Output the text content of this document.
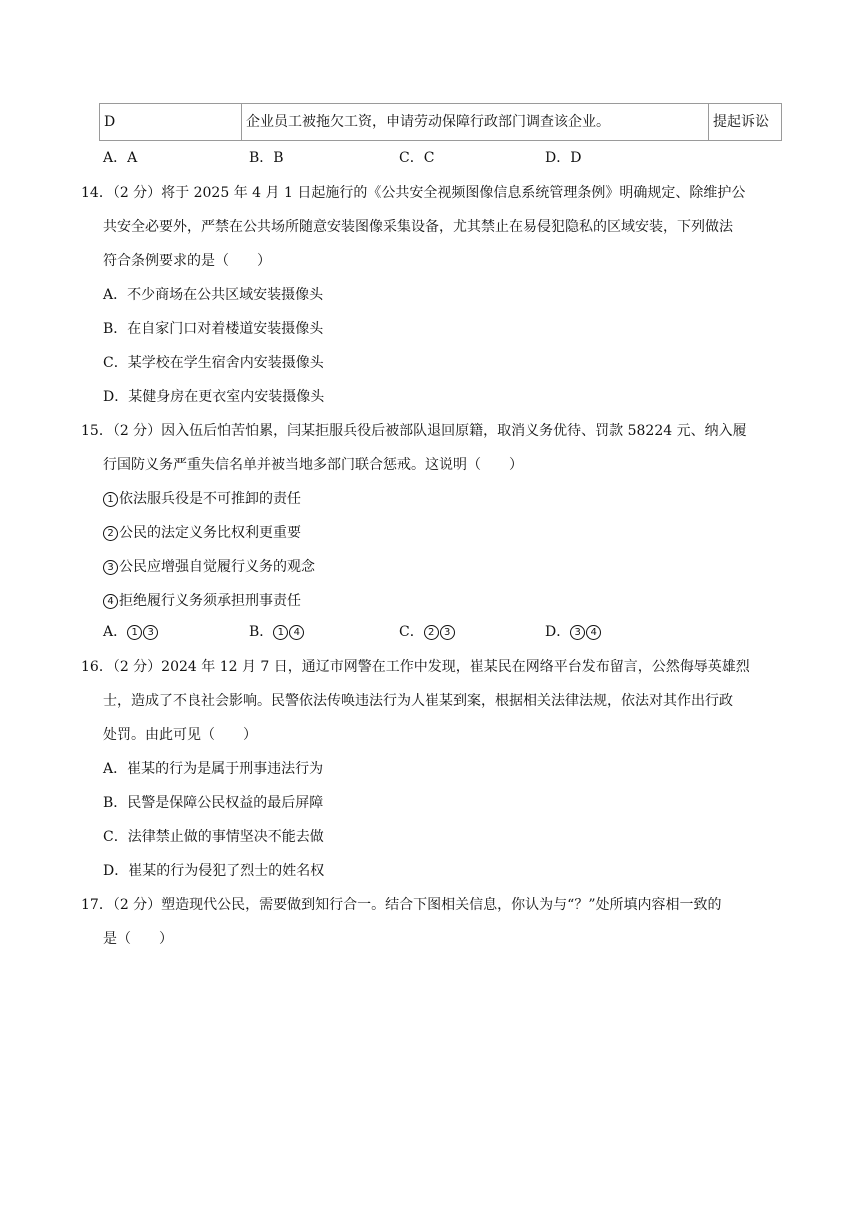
D	企业员工被拖欠工资，申请劳动保障行政部门调查该企业。	提起诉讼
A．A	B．B	C．C	D．D
14．（2 分）将于 2025 年 4 月 1 日起施行的《公共安全视频图像信息系统管理条例》明确规定、除维护公
共安全必要外，严禁在公共场所随意安装图像采集设备，尤其禁止在易侵犯隐私的区域安装，下列做法
符合条例要求的是（　　）
A．不少商场在公共区域安装摄像头
B．在自家门口对着楼道安装摄像头
C．某学校在学生宿舍内安装摄像头
D．某健身房在更衣室内安装摄像头
15．（2 分）因入伍后怕苦怕累，闫某拒服兵役后被部队退回原籍，取消义务优待、罚款 58224 元、纳入履
行国防义务严重失信名单并被当地多部门联合惩戒。这说明（　　）
1 依法服兵役是不可推卸的责任
2 公民的法定义务比权利更重要
3 公民应增强自觉履行义务的观念
4 拒绝履行义务须承担刑事责任
A． 1 3	B． 1 4	C． 2 3	D． 3 4
16．（2 分）2024 年 12 月 7 日，通辽市网警在工作中发现，崔某民在网络平台发布留言，公然侮辱英雄烈
士，造成了不良社会影响。民警依法传唤违法行为人崔某到案，根据相关法律法规，依法对其作出行政
处罚。由此可见（　　）
A．崔某的行为是属于刑事违法行为
B．民警是保障公民权益的最后屏障
C．法律禁止做的事情坚决不能去做
D．崔某的行为侵犯了烈士的姓名权
17．（2 分）塑造现代公民，需要做到知行合一。结合下图相关信息，你认为与“？”处所填内容相一致的
是（　　）
